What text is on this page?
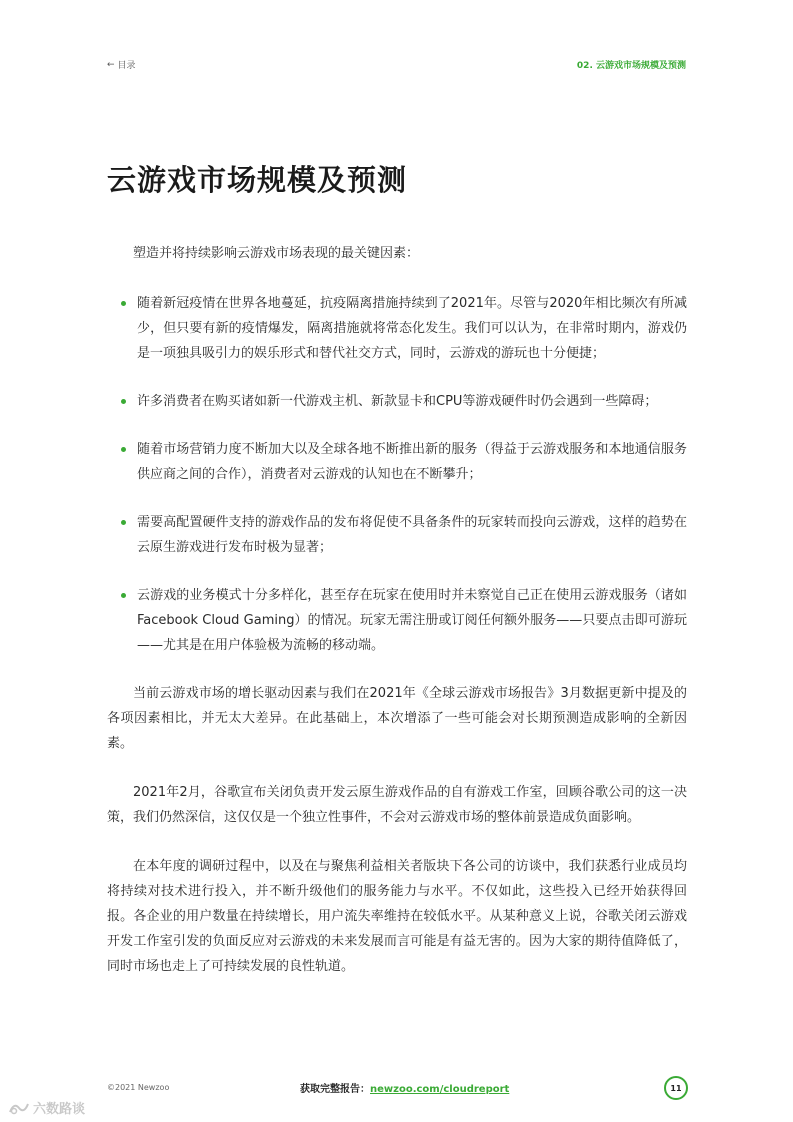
← 目录	02. 云游戏市场规模及预测
云游戏市场规模及预测

塑造并将持续影响云游戏市场表现的最关键因素：

随着新冠疫情在世界各地蔓延，抗疫隔离措施持续到了2021年。尽管与2020年相比频次有所减少，但只要有新的疫情爆发，隔离措施就将常态化发生。我们可以认为，在非常时期内，游戏仍是一项独具吸引力的娱乐形式和替代社交方式，同时，云游戏的游玩也十分便捷；
许多消费者在购买诸如新一代游戏主机、新款显卡和CPU等游戏硬件时仍会遇到一些障碍；
随着市场营销力度不断加大以及全球各地不断推出新的服务（得益于云游戏服务和本地通信服务供应商之间的合作），消费者对云游戏的认知也在不断攀升；
需要高配置硬件支持的游戏作品的发布将促使不具备条件的玩家转而投向云游戏，这样的趋势在云原生游戏进行发布时极为显著；
云游戏的业务模式十分多样化，甚至存在玩家在使用时并未察觉自己正在使用云游戏服务（诸如Facebook Cloud Gaming）的情况。玩家无需注册或订阅任何额外服务——只要点击即可游玩——尤其是在用户体验极为流畅的移动端。

当前云游戏市场的增长驱动因素与我们在2021年《全球云游戏市场报告》3月数据更新中提及的各项因素相比，并无太大差异。在此基础上，本次增添了一些可能会对长期预测造成影响的全新因素。

2021年2月，谷歌宣布关闭负责开发云原生游戏作品的自有游戏工作室，回顾谷歌公司的这一决策，我们仍然深信，这仅仅是一个独立性事件，不会对云游戏市场的整体前景造成负面影响。

在本年度的调研过程中，以及在与聚焦利益相关者版块下各公司的访谈中，我们获悉行业成员均将持续对技术进行投入，并不断升级他们的服务能力与水平。不仅如此，这些投入已经开始获得回报。各企业的用户数量在持续增长，用户流失率维持在较低水平。从某种意义上说，谷歌关闭云游戏开发工作室引发的负面反应对云游戏的未来发展而言可能是有益无害的。因为大家的期待值降低了，同时市场也走上了可持续发展的良性轨道。

©2021 Newzoo	获取完整报告：newzoo.com/cloudreport	11
六数路谈
